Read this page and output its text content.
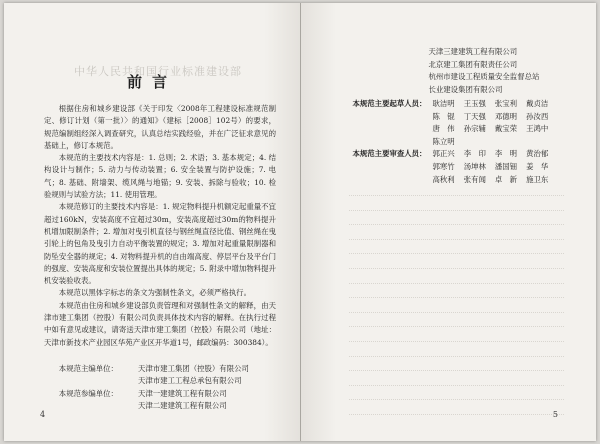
中华人民共和国行业标准建设部
前言

根据住房和城乡建设部《关于印发〈2008年工程建设标准规范制定、修订计划（第一批）〉的通知》（建标［2008］102号）的要求，规范编制组经深入调查研究，认真总结实践经验，并在广泛征求意见的基础上，修订本规范。

本规范的主要技术内容是：1. 总则；2. 术语；3. 基本规定；4. 结构设计与制作；5. 动力与传动装置；6. 安全装置与防护设施；7. 电气；8. 基础、附墙架、缆风绳与地锚；9. 安装、拆除与验收；10. 检验规则与试验方法；11. 使用管理。

本规范修订的主要技术内容是：1. 规定物料提升机额定起重量不宜超过160kN，安装高度不宜超过30m，安装高度超过30m的物料提升机增加限制条件；2. 增加对曳引机直径与钢丝绳直径比值、钢丝绳在曳引轮上的包角及曳引力自动平衡装置的规定；3. 增加对起重量限制器和防坠安全器的规定；4. 对物料提升机的自由端高度、停层平台及平台门的强度、安装高度和安装位置提出具体的规定；5. 附录中增加物料提升机安装验收表。

本规范以黑体字标志的条文为强制性条文，必须严格执行。

本规范由住房和城乡建设部负责管理和对强制性条文的解释，由天津市建工集团（控股）有限公司负责具体技术内容的解释。在执行过程中如有意见或建议，请寄送天津市建工集团（控股）有限公司（地址：天津市新技术产业园区华苑产业区开华道1号，邮政编码：300384）。

本规范主编单位：	天津市建工集团（控股）有限公司
天津市建工工程总承包有限公司
本规范参编单位：	天津一建建筑工程有限公司
天津二建建筑工程有限公司
4
天津三建建筑工程有限公司
北京建工集团有限责任公司
杭州市建设工程质量安全监督总站
长业建设集团有限公司
本规范主要起草人员： 耿洁明 王玉强 张宝利 戴贞洁
陈　锟 丁天强 邓德明 孙汝西
唐　伟 孙宗辅 戴宝荣 王鸿中
陈立明
本规范主要审查人员： 郭正兴 李　印 李　明 黄治郁
郭寒竹 汤坤林 潘国钿 姜　华
高秋利 张有闻 卓　新 施卫东
5
